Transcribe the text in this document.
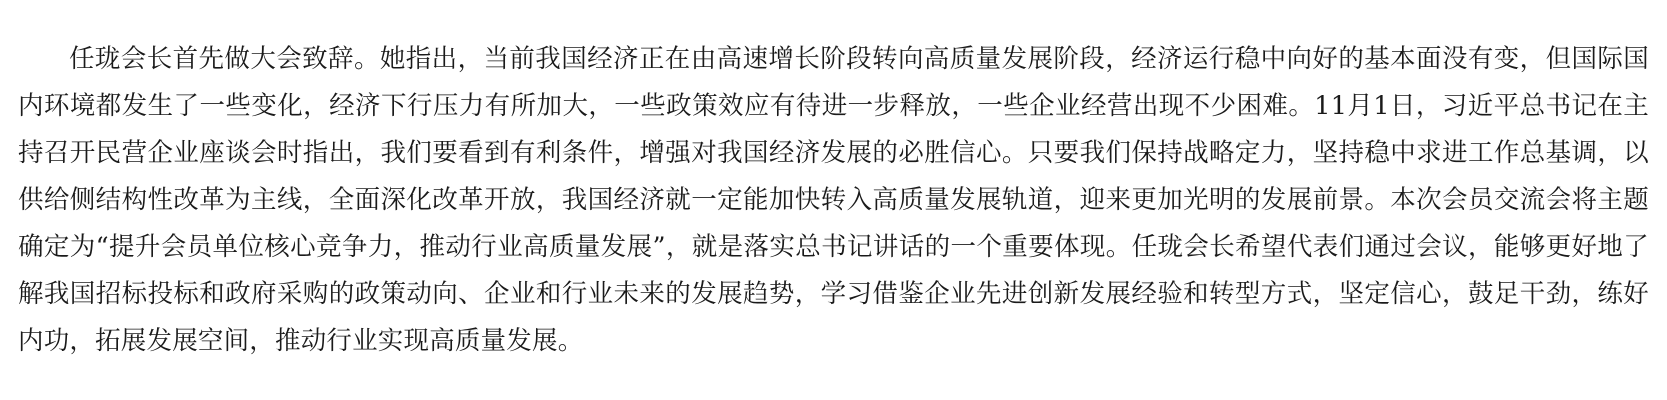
任珑会长首先做大会致辞。她指出，当前我国经济正在由高速增长阶段转向高质量发展阶段，经济运行稳中向好的基本面没有变，但国际国内环境都发生了一些变化，经济下行压力有所加大，一些政策效应有待进一步释放，一些企业经营出现不少困难。11月1日，习近平总书记在主持召开民营企业座谈会时指出，我们要看到有利条件，增强对我国经济发展的必胜信心。只要我们保持战略定力，坚持稳中求进工作总基调，以供给侧结构性改革为主线，全面深化改革开放，我国经济就一定能加快转入高质量发展轨道，迎来更加光明的发展前景。本次会员交流会将主题确定为“提升会员单位核心竞争力，推动行业高质量发展”，就是落实总书记讲话的一个重要体现。任珑会长希望代表们通过会议，能够更好地了解我国招标投标和政府采购的政策动向、企业和行业未来的发展趋势，学习借鉴企业先进创新发展经验和转型方式，坚定信心，鼓足干劲，练好内功，拓展发展空间，推动行业实现高质量发展。
